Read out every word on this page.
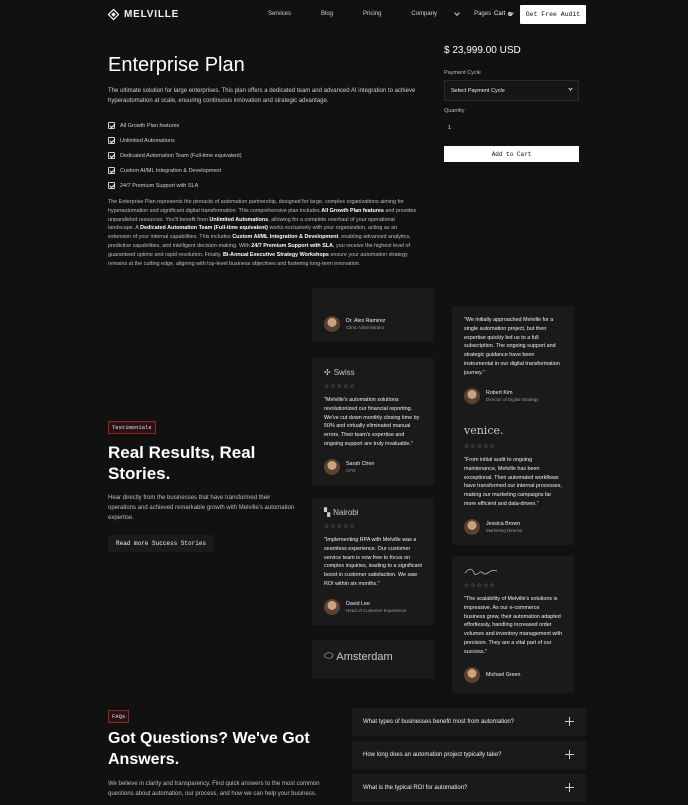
MELVILLE	Services	Blog	Pricing	Company	Pages Cart	Get Free Audit
Enterprise Plan

The ultimate solution for large enterprises. This plan offers a dedicated team and advanced AI integration to achieve hyperautomation at scale, ensuring continuous innovation and strategic advantage.

All Growth Plan features
Unlimited Automations
Dedicated Automation Team (Full-time equivalent)
Custom AI/ML Integration & Development
24/7 Premium Support with SLA

The Enterprise Plan represents the pinnacle of automation partnership, designed for large, complex organizations aiming for hyperautomation and significant digital transformation. This comprehensive plan includes All Growth Plan features and provides unparalleled resources. You'll benefit from Unlimited Automations, allowing for a complete overhaul of your operational landscape. A Dedicated Automation Team (Full-time equivalent) works exclusively with your organization, acting as an extension of your internal capabilities. This includes Custom AI/ML Integration & Development, enabling advanced analytics, predictive capabilities, and intelligent decision-making. With 24/7 Premium Support with SLA, you receive the highest level of guaranteed uptime and rapid resolution. Finally, Bi-Annual Executive Strategy Workshops ensure your automation strategy remains at the cutting edge, aligning with top-level business objectives and fostering long-term innovation.

$ 23,999.00 USD
Payment Cycle
Select Payment Cycle
Quantity
1
Add to Cart
Testimonials
Real Results, Real Stories.

Hear directly from the businesses that have transformed their operations and achieved remarkable growth with Melville's automation expertise.

Read more Success Stories
Dr. Alex Ramirez
Clinic Administrator
✣ Swiss
☆☆☆☆☆
"Melville's automation solutions revolutionized our financial reporting. We've cut down monthly closing time by 50% and virtually eliminated manual errors. Their team's expertise and ongoing support are truly invaluable."
Sarah Chen
CFO
▚ Nairobi
☆☆☆☆☆
"Implementing RPA with Melville was a seamless experience. Our customer service team is now free to focus on complex inquiries, leading to a significant boost in customer satisfaction. We saw ROI within six months."
David Lee
Head of Customer Experience
⬭ Amsterdam
"We initially approached Melville for a single automation project, but their expertise quickly led us to a full subscription. The ongoing support and strategic guidance have been instrumental in our digital transformation journey."
Robert Kim
Director of Digital Strategy
venice.
☆☆☆☆☆
"From initial audit to ongoing maintenance, Melville has been exceptional. Their automated workflows have transformed our internal processes, making our marketing campaigns far more efficient and data-driven."
Jessica Brown
Marketing Director
☆☆☆☆☆
"The scalability of Melville's solutions is impressive. As our e-commerce business grew, their automation adapted effortlessly, handling increased order volumes and inventory management with precision. They are a vital part of our success."
Michael Green
FAQs
Got Questions? We've Got Answers.

We believe in clarity and transparency. Find quick answers to the most common questions about automation, our process, and how we can help your business.

What types of businesses benefit most from automation?
How long does an automation project typically take?
What is the typical ROI for automation?
